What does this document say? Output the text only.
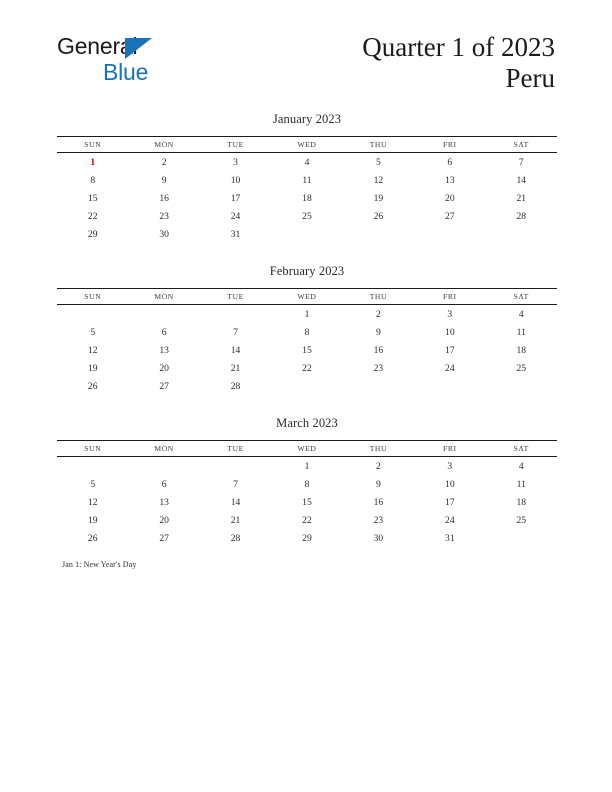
General
Blue
Quarter 1 of 2023
Peru
January 2023
SUN	MON	TUE	WED	THU	FRI	SAT
1	2	3	4	5	6	7
8	9	10	11	12	13	14
15	16	17	18	19	20	21
22	23	24	25	26	27	28
29	30	31				
February 2023
SUN	MON	TUE	WED	THU	FRI	SAT
			1	2	3	4
5	6	7	8	9	10	11
12	13	14	15	16	17	18
19	20	21	22	23	24	25
26	27	28				
March 2023
SUN	MON	TUE	WED	THU	FRI	SAT
			1	2	3	4
5	6	7	8	9	10	11
12	13	14	15	16	17	18
19	20	21	22	23	24	25
26	27	28	29	30	31	
Jan 1: New Year's Day
